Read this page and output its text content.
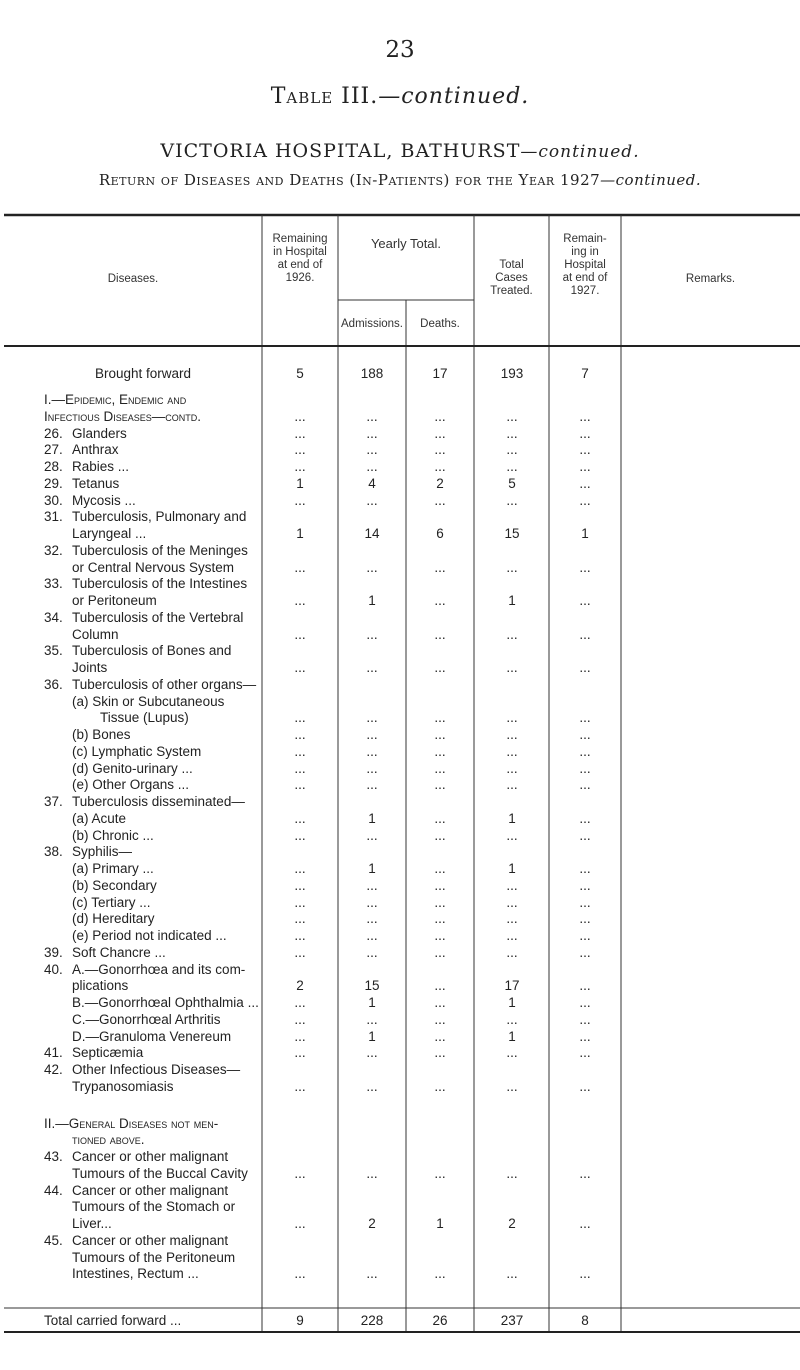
23
Table III.—continued.
VICTORIA HOSPITAL, BATHURST—continued.
Return of Diseases and Deaths (In-Patients) for the Year 1927—continued.
Diseases.
Remaining in Hospital
at end of 1926.
Yearly Total.
Admissions.	Deaths.
Total Cases
Treated.
Remain-ing in Hospital
at end of 1927.
Remarks.
Brought forward	5	188	17	193	7
I.—Epidemic, Endemic and
Infectious Diseases—contd.	...	...	...	...	...
26. Glanders	...	...	...	...	...
27. Anthrax	...	...	...	...	...
28. Rabies ...	...	...	...	...	...
29. Tetanus	1	4	2	5	...
30. Mycosis ...	...	...	...	...	...
31. Tuberculosis, Pulmonary and
Laryngeal ...	1	14	6	15	1
32. Tuberculosis of the Meninges
or Central Nervous System	...	...	...	...	...
33. Tuberculosis of the Intestines
or Peritoneum	...	1	...	1	...
34. Tuberculosis of the Vertebral
Column	...	...	...	...	...
35. Tuberculosis of Bones and
Joints	...	...	...	...	...
36. Tuberculosis of other organs—
(a) Skin or Subcutaneous
Tissue (Lupus)	...	...	...	...	...
(b) Bones	...	...	...	...	...
(c) Lymphatic System	...	...	...	...	...
(d) Genito-urinary ...	...	...	...	...	...
(e) Other Organs ...	...	...	...	...	...
37. Tuberculosis disseminated—
(a) Acute	...	1	...	1	...
(b) Chronic ...	...	...	...	...	...
38. Syphilis—
(a) Primary ...	...	1	...	1	...
(b) Secondary	...	...	...	...	...
(c) Tertiary ...	...	...	...	...	...
(d) Hereditary	...	...	...	...	...
(e) Period not indicated ...	...	...	...	...	...
39. Soft Chancre ...	...	...	...	...	...
40. A.—Gonorrhœa and its com-
plications	2	15	...	17	...
B.—Gonorrhœal Ophthalmia ...	...	1	...	1	...
C.—Gonorrhœal Arthritis	...	...	...	...	...
D.—Granuloma Venereum	...	1	...	1	...
41. Septicæmia	...	...	...	...	...
42. Other Infectious Diseases—
Trypanosomiasis	...	...	...	...	...
II.—General Diseases not men-
tioned above.
43. Cancer or other malignant
Tumours of the Buccal Cavity	...	...	...	...	...
44. Cancer or other malignant
Tumours of the Stomach or
Liver...	...	2	1	2	...
45. Cancer or other malignant
Tumours of the Peritoneum
Intestines, Rectum ...	...	...	...	...	...
Total carried forward ...	9	228	26	237	8
